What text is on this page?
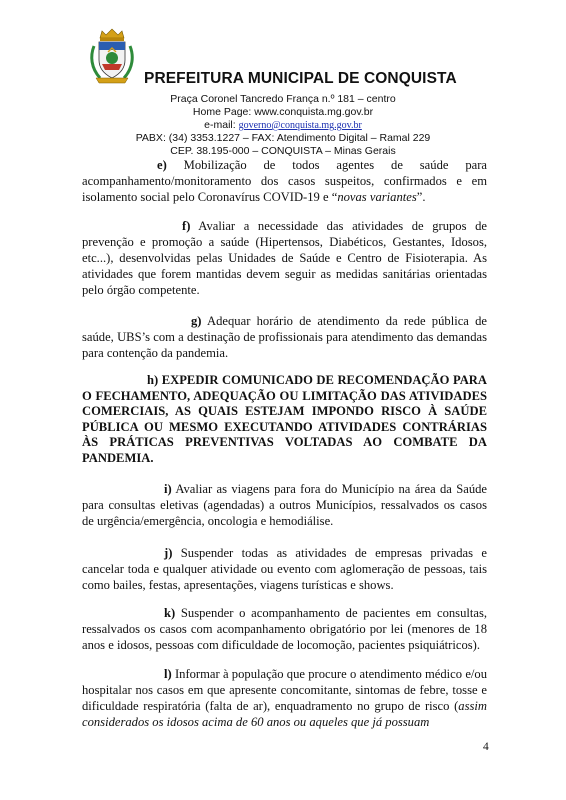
PREFEITURA MUNICIPAL DE CONQUISTA
Praça Coronel Tancredo França n.º 181 – centro
Home Page: www.conquista.mg.gov.br
e-mail: governo@conquista.mg.gov.br
PABX: (34) 3353.1227 – FAX: Atendimento Digital – Ramal 229
CEP. 38.195-000 – CONQUISTA – Minas Gerais

e) Mobilização de todos agentes de saúde para acompanhamento/monitoramento dos casos suspeitos, confirmados e em isolamento social pelo Coronavírus COVID-19 e “novas variantes”.

f) Avaliar a necessidade das atividades de grupos de prevenção e promoção a saúde (Hipertensos, Diabéticos, Gestantes, Idosos, etc...), desenvolvidas pelas Unidades de Saúde e Centro de Fisioterapia. As atividades que forem mantidas devem seguir as medidas sanitárias orientadas pelo órgão competente.

g) Adequar horário de atendimento da rede pública de saúde, UBS’s com a destinação de profissionais para atendimento das demandas para contenção da pandemia.

h) EXPEDIR COMUNICADO DE RECOMENDAÇÃO PARA O FECHAMENTO, ADEQUAÇÃO OU LIMITAÇÃO DAS ATIVIDADES COMERCIAIS, AS QUAIS ESTEJAM IMPONDO RISCO À SAÚDE PÚBLICA OU MESMO EXECUTANDO ATIVIDADES CONTRÁRIAS ÀS PRÁTICAS PREVENTIVAS VOLTADAS AO COMBATE DA PANDEMIA.

i) Avaliar as viagens para fora do Município na área da Saúde para consultas eletivas (agendadas) a outros Municípios, ressalvados os casos de urgência/emergência, oncologia e hemodiálise.

j) Suspender todas as atividades de empresas privadas e cancelar toda e qualquer atividade ou evento com aglomeração de pessoas, tais como bailes, festas, apresentações, viagens turísticas e shows.

k) Suspender o acompanhamento de pacientes em consultas, ressalvados os casos com acompanhamento obrigatório por lei (menores de 18 anos e idosos, pessoas com dificuldade de locomoção, pacientes psiquiátricos).

l) Informar à população que procure o atendimento médico e/ou hospitalar nos casos em que apresente concomitante, sintomas de febre, tosse e dificuldade respiratória (falta de ar), enquadramento no grupo de risco (assim considerados os idosos acima de 60 anos ou aqueles que já possuam

4
